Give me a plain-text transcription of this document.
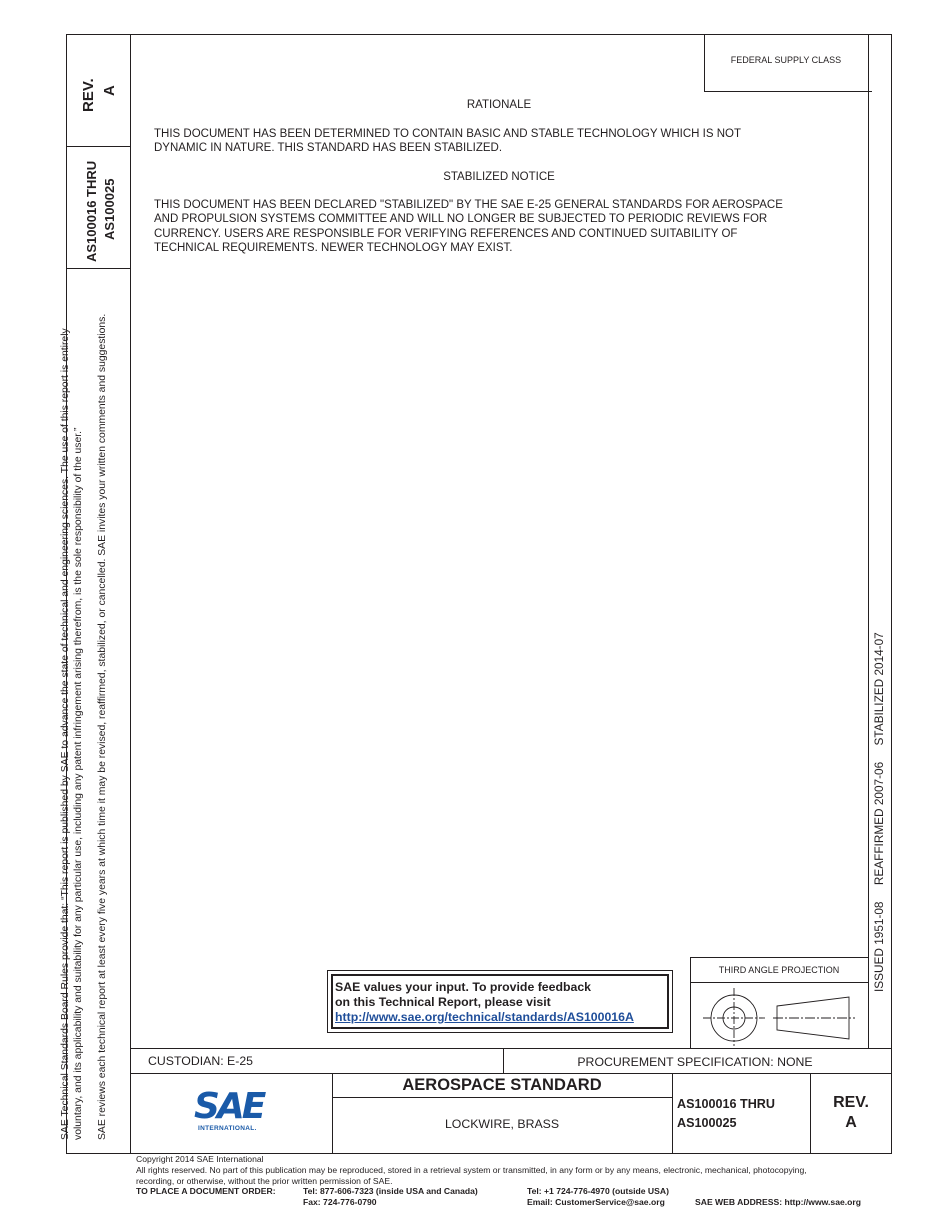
REV. A
AS100016 THRU AS100025
SAE Technical Standards Board Rules provide that: “This report is published by SAE to advance the state of technical and engineering sciences. The use of this report is entirely voluntary, and its applicability and suitability for any particular use, including any patent infringement arising therefrom, is the sole responsibility of the user.” SAE reviews each technical report at least every five years at which time it may be revised, reaffirmed, stabilized, or cancelled. SAE invites your written comments and suggestions.	ISSUED 1951-08     REAFFIRMED 2007-06     STABILIZED 2014-07
FEDERAL SUPPLY CLASS
RATIONALE
THIS DOCUMENT HAS BEEN DETERMINED TO CONTAIN BASIC AND STABLE TECHNOLOGY WHICH IS NOT
DYNAMIC IN NATURE. THIS STANDARD HAS BEEN STABILIZED.
STABILIZED NOTICE
THIS DOCUMENT HAS BEEN DECLARED "STABILIZED" BY THE SAE E-25 GENERAL STANDARDS FOR AEROSPACE
AND PROPULSION SYSTEMS COMMITTEE AND WILL NO LONGER BE SUBJECTED TO PERIODIC REVIEWS FOR
CURRENCY. USERS ARE RESPONSIBLE FOR VERIFYING REFERENCES AND CONTINUED SUITABILITY OF
TECHNICAL REQUIREMENTS. NEWER TECHNOLOGY MAY EXIST.
SAE values your input. To provide feedback
on this Technical Report, please visit
http://www.sae.org/technical/standards/AS100016A
THIRD ANGLE PROJECTION
CUSTODIAN: E-25	PROCUREMENT SPECIFICATION: NONE
SAE
INTERNATIONAL.
AEROSPACE STANDARD
LOCKWIRE, BRASS
AS100016 THRU
AS100025
REV.
A
Copyright 2014 SAE International
All rights reserved. No part of this publication may be reproduced, stored in a retrieval system or transmitted, in any form or by any means, electronic, mechanical, photocopying,
recording, or otherwise, without the prior written permission of SAE.
TO PLACE A DOCUMENT ORDER:	Tel: 877-606-7323 (inside USA and Canada)
Fax: 724-776-0790
Tel: +1 724-776-4970 (outside USA)
Email: CustomerService@sae.org	SAE WEB ADDRESS: http://www.sae.org
